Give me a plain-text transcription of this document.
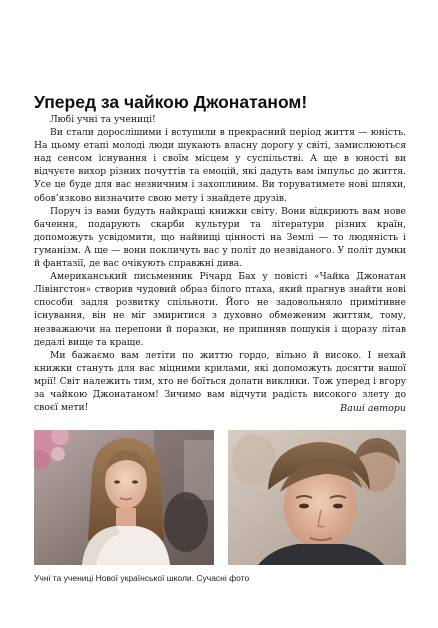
Уперед за чайкою Джонатаном!

Любі учні та учениці!

Ви стали дорослішими і вступили в прекрасний період життя — юність. На цьому етапі молоді люди шукають власну дорогу у світі, замислюються над сенсом існування і своїм місцем у суспільстві. А ще в юності ви відчуєте вихор різних почуттів та емоцій, які дадуть вам імпульс до життя. Усе це буде для вас незвичним і захопливим. Ви торуватимете нові шляхи, обов’язково визначите свою мету і знайдете друзів.

Поруч із вами будуть найкращі книжки світу. Вони відкриють вам нове бачення, подарують скарби культури та літератури різних країн, допоможуть усвідомити, що найвищі цінності на Землі — то людяність і гуманізм. А ще — вони покличуть вас у політ до незвіданого. У політ думки й фантазії, де вас очікують справжні дива.

Американський письменник Річард Бах у повісті «Чайка Джонатан Лівінгстон» створив чудовий образ білого птаха, який прагнув знайти нові способи задля розвитку спільноти. Його не задовольняло примітивне існування, він не міг змиритися з духовно обмеженим життям, тому, незважаючи на перепони й поразки, не припиняв пошукія і щоразу літав дедалі вище та краще.

Ми бажаємо вам летіти по життю гордо, вільно й високо. І нехай книжки стануть для вас міцними крилами, які допоможуть досягти вашої мрії! Світ належить тим, хто не боїться долати виклики. Тож уперед і вгору за чайкою Джонатаном! Зичимо вам відчути радість високого злету до своєї мети!	Ваші автори
Учні та учениці Нової української школи. Сучасні фото
